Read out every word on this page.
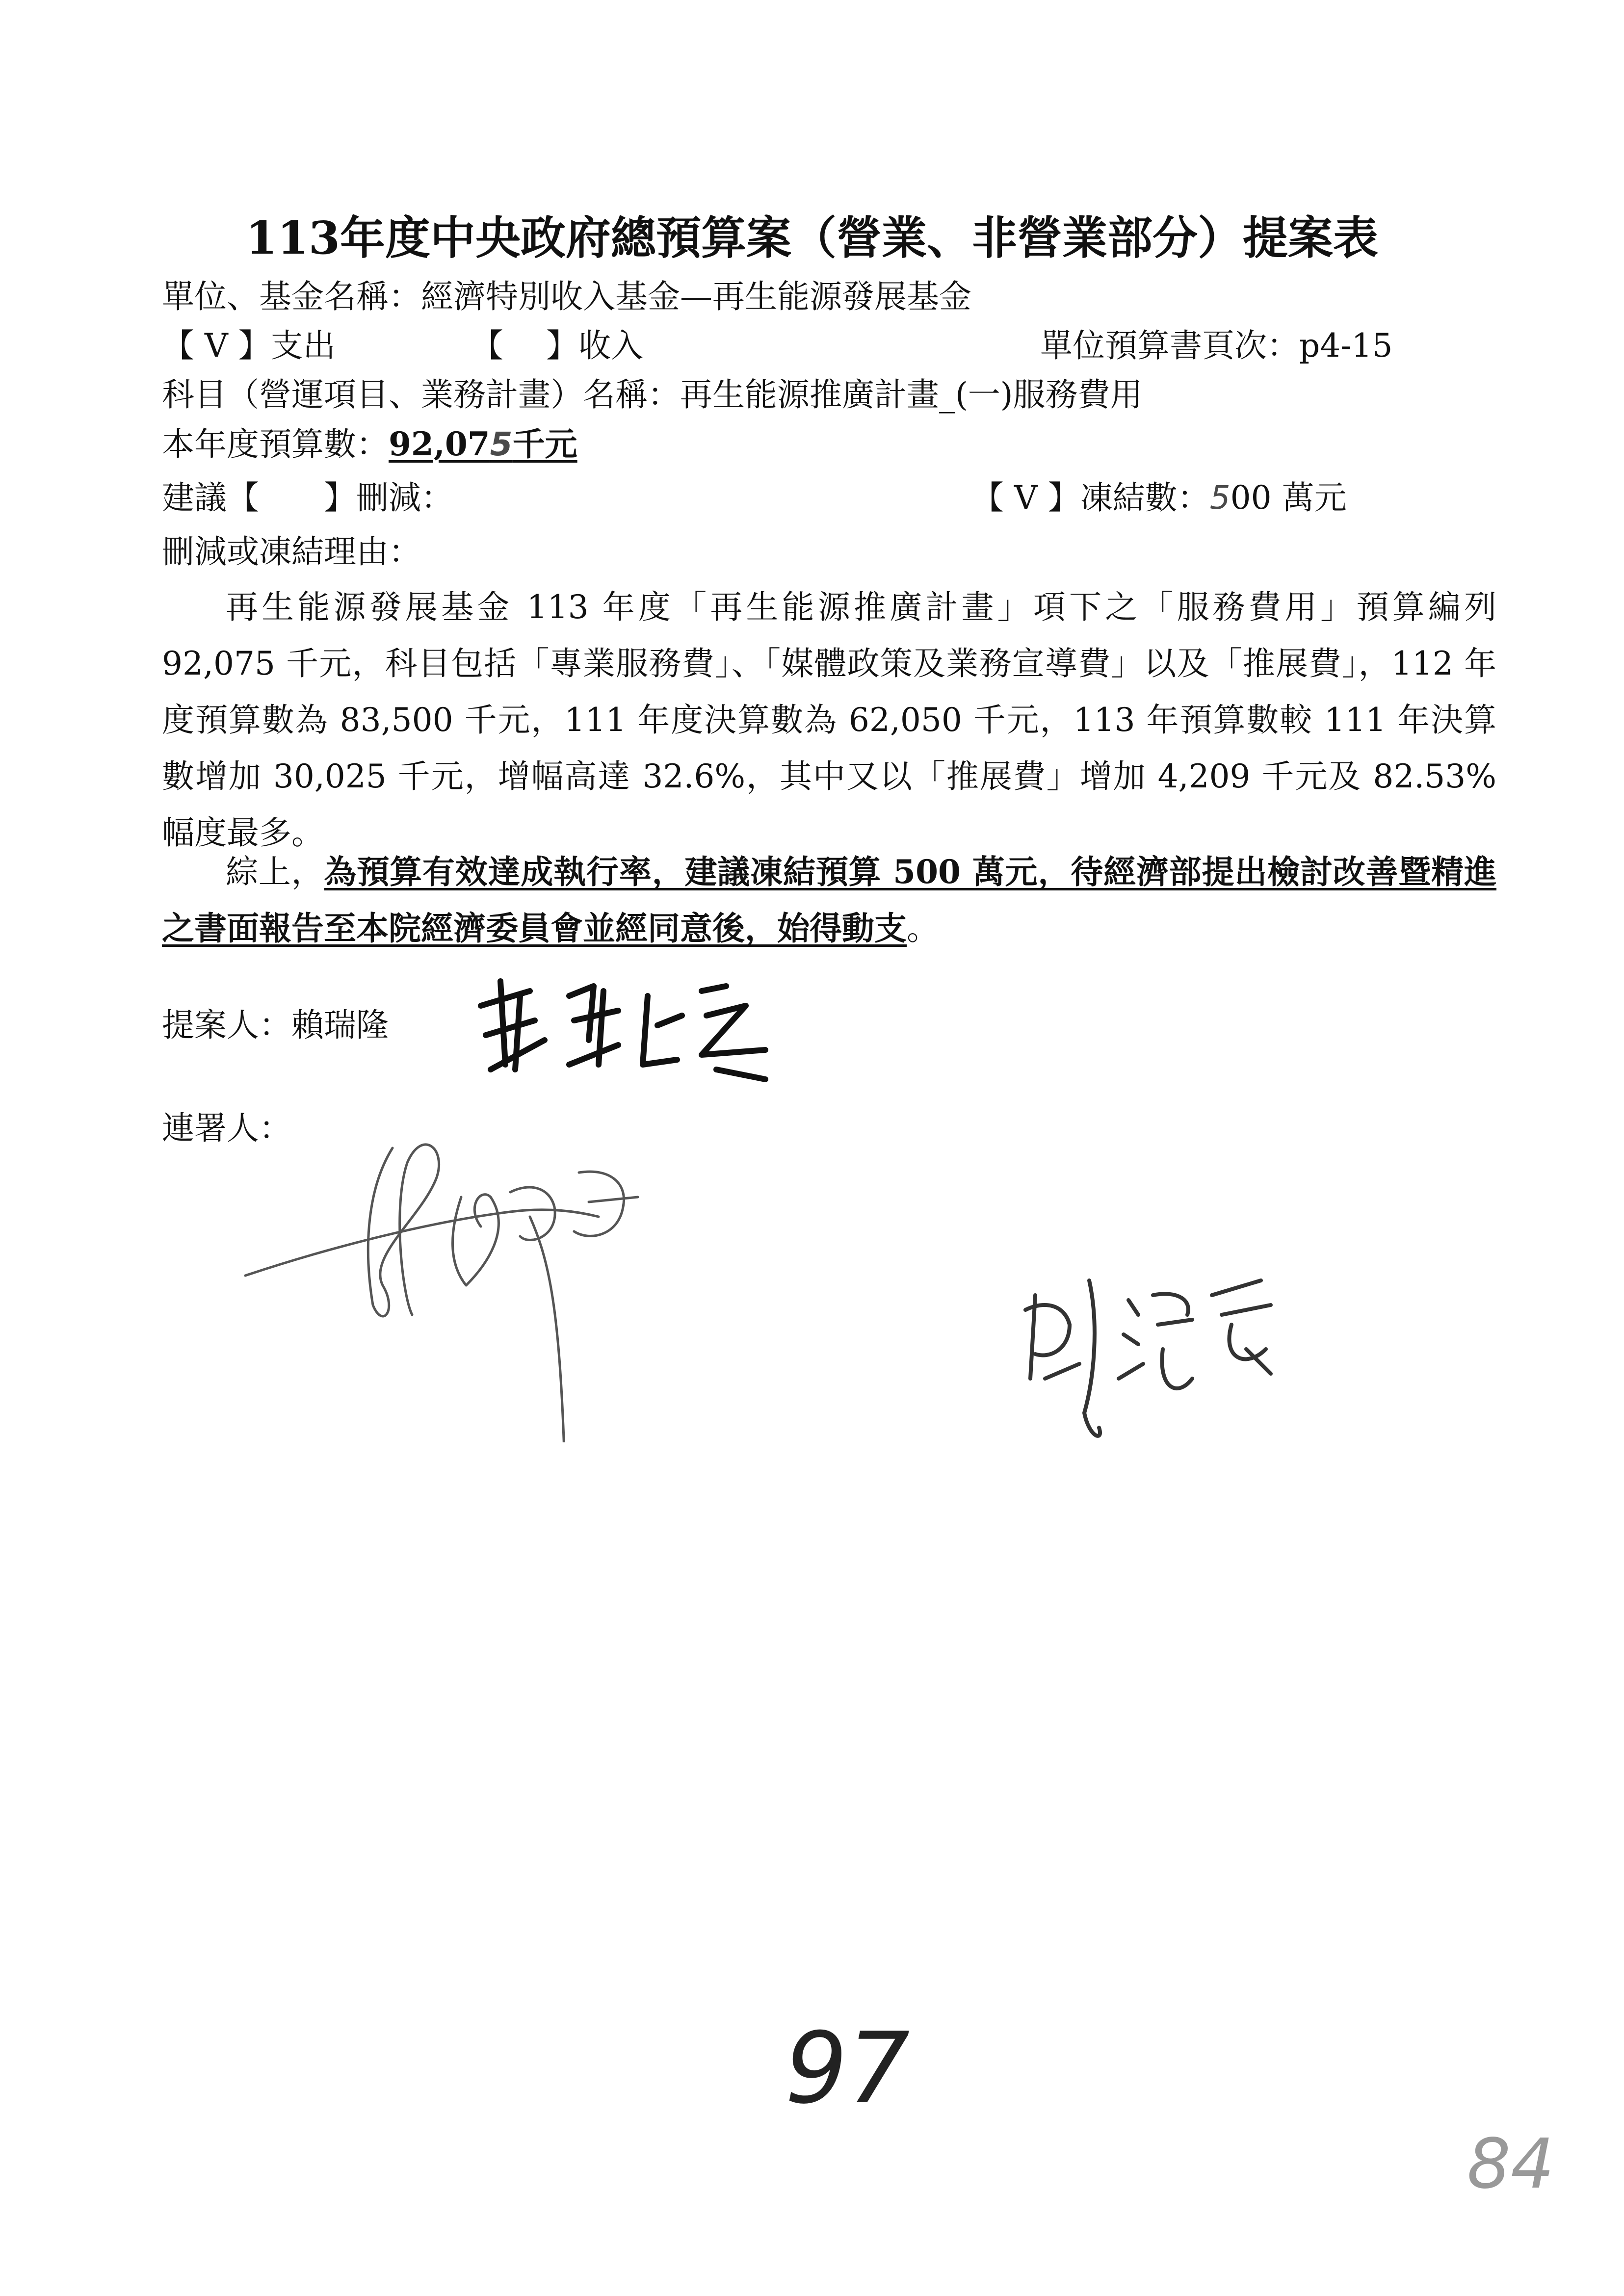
113年度中央政府總預算案（營業、非營業部分）提案表
單位、基金名稱：經濟特別收入基金—再生能源發展基金
【 V 】支出	【　 】收入	單位預算書頁次：p4-15
科目（營運項目、業務計畫）名稱：再生能源推廣計畫_(一)服務費用
本年度預算數：92,075千元
建議【　　】刪減：	【 V 】凍結數：500 萬元
刪減或凍結理由：
再生能源發展基金 113 年度「再生能源推廣計畫」項下之「服務費用」預算編列 92,075 千元，科目包括「專業服務費」、「媒體政策及業務宣導費」以及「推展費」，112 年度預算數為 83,500 千元，111 年度決算數為 62,050 千元，113 年預算數較 111 年決算數增加 30,025 千元，增幅高達 32.6%，其中又以「推展費」增加 4,209 千元及 82.53%幅度最多。
綜上，為預算有效達成執行率，建議凍結預算 500 萬元，待經濟部提出檢討改善暨精進之書面報告至本院經濟委員會並經同意後，始得動支。
提案人：賴瑞隆
連署人：
97
84
